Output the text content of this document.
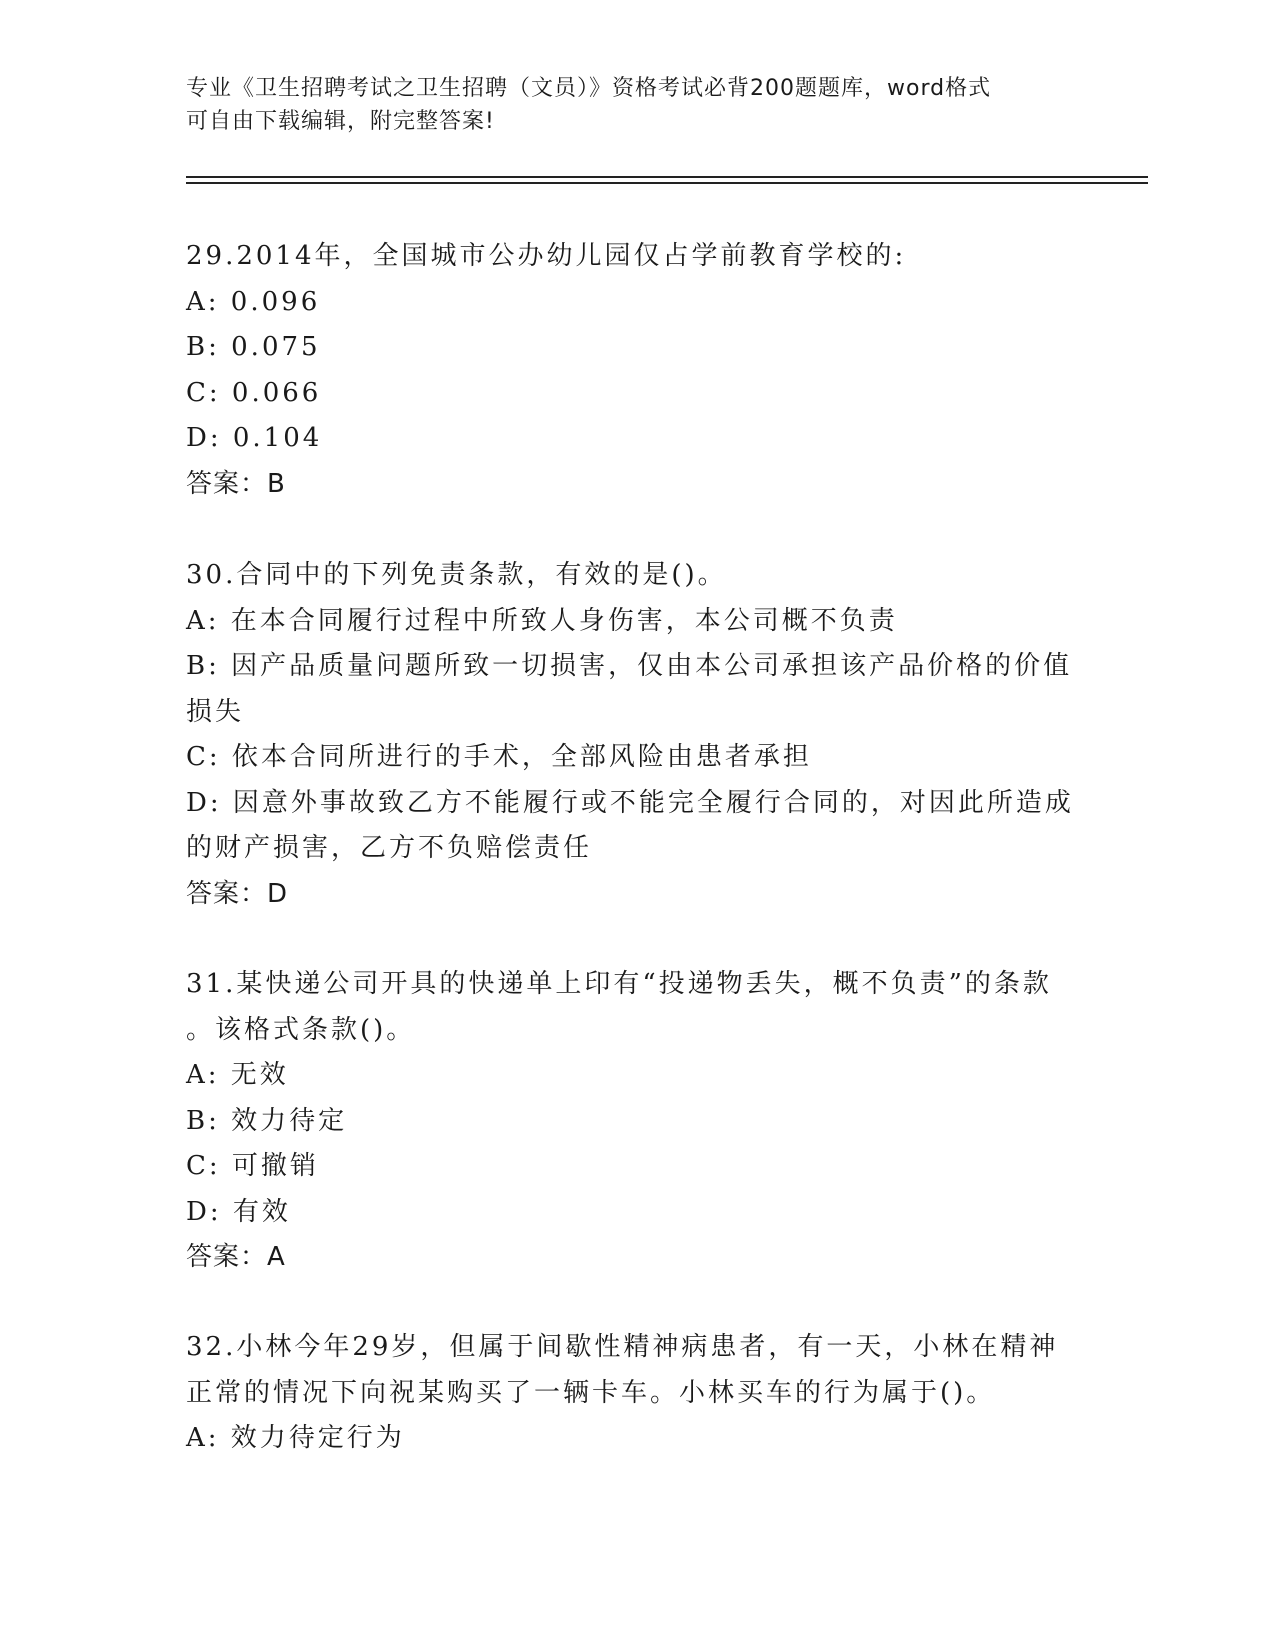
专业《卫生招聘考试之卫生招聘（文员）》资格考试必背200题题库，word格式
可自由下载编辑，附完整答案!
29.2014年，全国城市公办幼儿园仅占学前教育学校的:
A: 0.096
B: 0.075
C: 0.066
D: 0.104
答案：B
30.合同中的下列免责条款，有效的是()。
A: 在本合同履行过程中所致人身伤害，本公司概不负责
B: 因产品质量问题所致一切损害，仅由本公司承担该产品价格的价值
损失
C: 依本合同所进行的手术，全部风险由患者承担
D: 因意外事故致乙方不能履行或不能完全履行合同的，对因此所造成
的财产损害，乙方不负赔偿责任
答案：D
31.某快递公司开具的快递单上印有“投递物丢失，概不负责”的条款
。该格式条款()。
A: 无效
B: 效力待定
C: 可撤销
D: 有效
答案：A
32.小林今年29岁，但属于间歇性精神病患者，有一天，小林在精神
正常的情况下向祝某购买了一辆卡车。小林买车的行为属于()。
A: 效力待定行为
